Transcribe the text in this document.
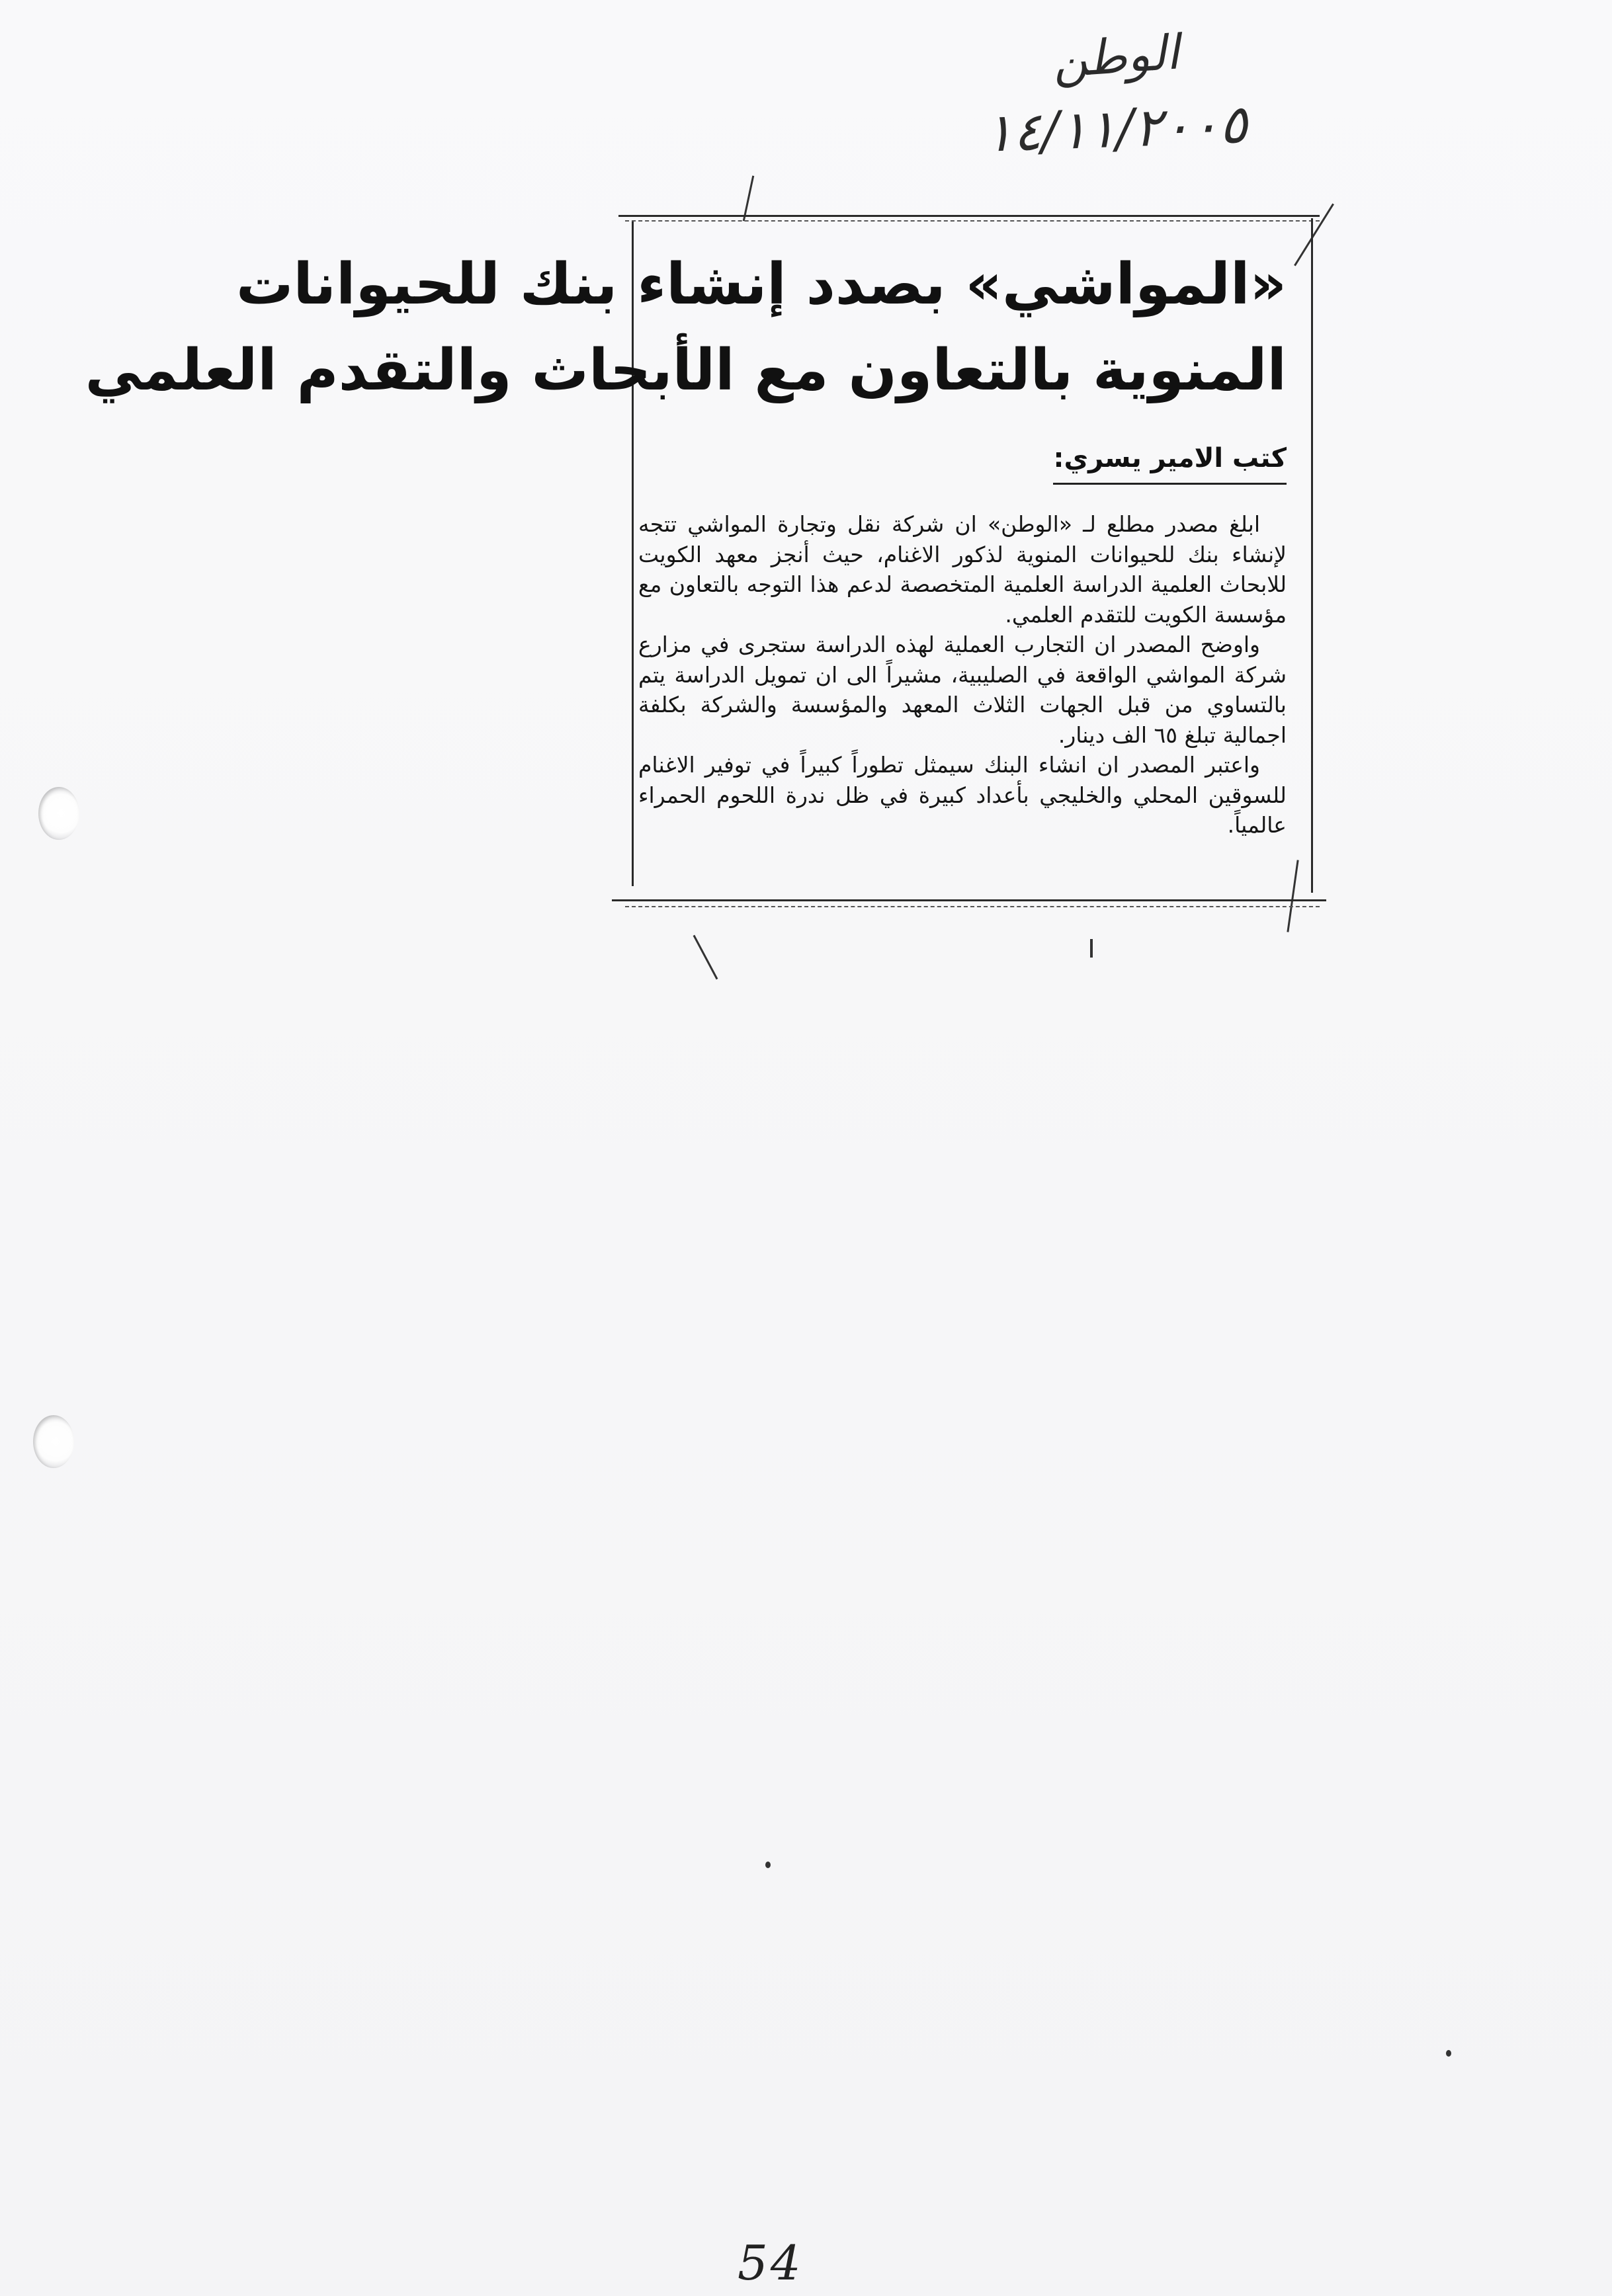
الوطن
١٤/١١/٢٠٠٥
«المواشي» بصدد إنشاء بنك للحيوانات
المنوية بالتعاون مع الأبحاث والتقدم العلمي
كتب الامير يسري:

ابلغ مصدر مطلع لـ «الوطن» ان شركة نقل وتجارة المواشي تتجه لإنشاء بنك للحيوانات المنوية لذكور الاغنام، حيث أنجز معهد الكويت للابحاث العلمية الدراسة العلمية المتخصصة لدعم هذا التوجه بالتعاون مع مؤسسة الكويت للتقدم العلمي.

واوضح المصدر ان التجارب العملية لهذه الدراسة ستجرى في مزارع شركة المواشي الواقعة في الصليبية، مشيراً الى ان تمويل الدراسة يتم بالتساوي من قبل الجهات الثلاث المعهد والمؤسسة والشركة بكلفة اجمالية تبلغ ٦٥ الف دينار.

واعتبر المصدر ان انشاء البنك سيمثل تطوراً كبيراً في توفير الاغنام للسوقين المحلي والخليجي بأعداد كبيرة في ظل ندرة اللحوم الحمراء عالمياً.

54
